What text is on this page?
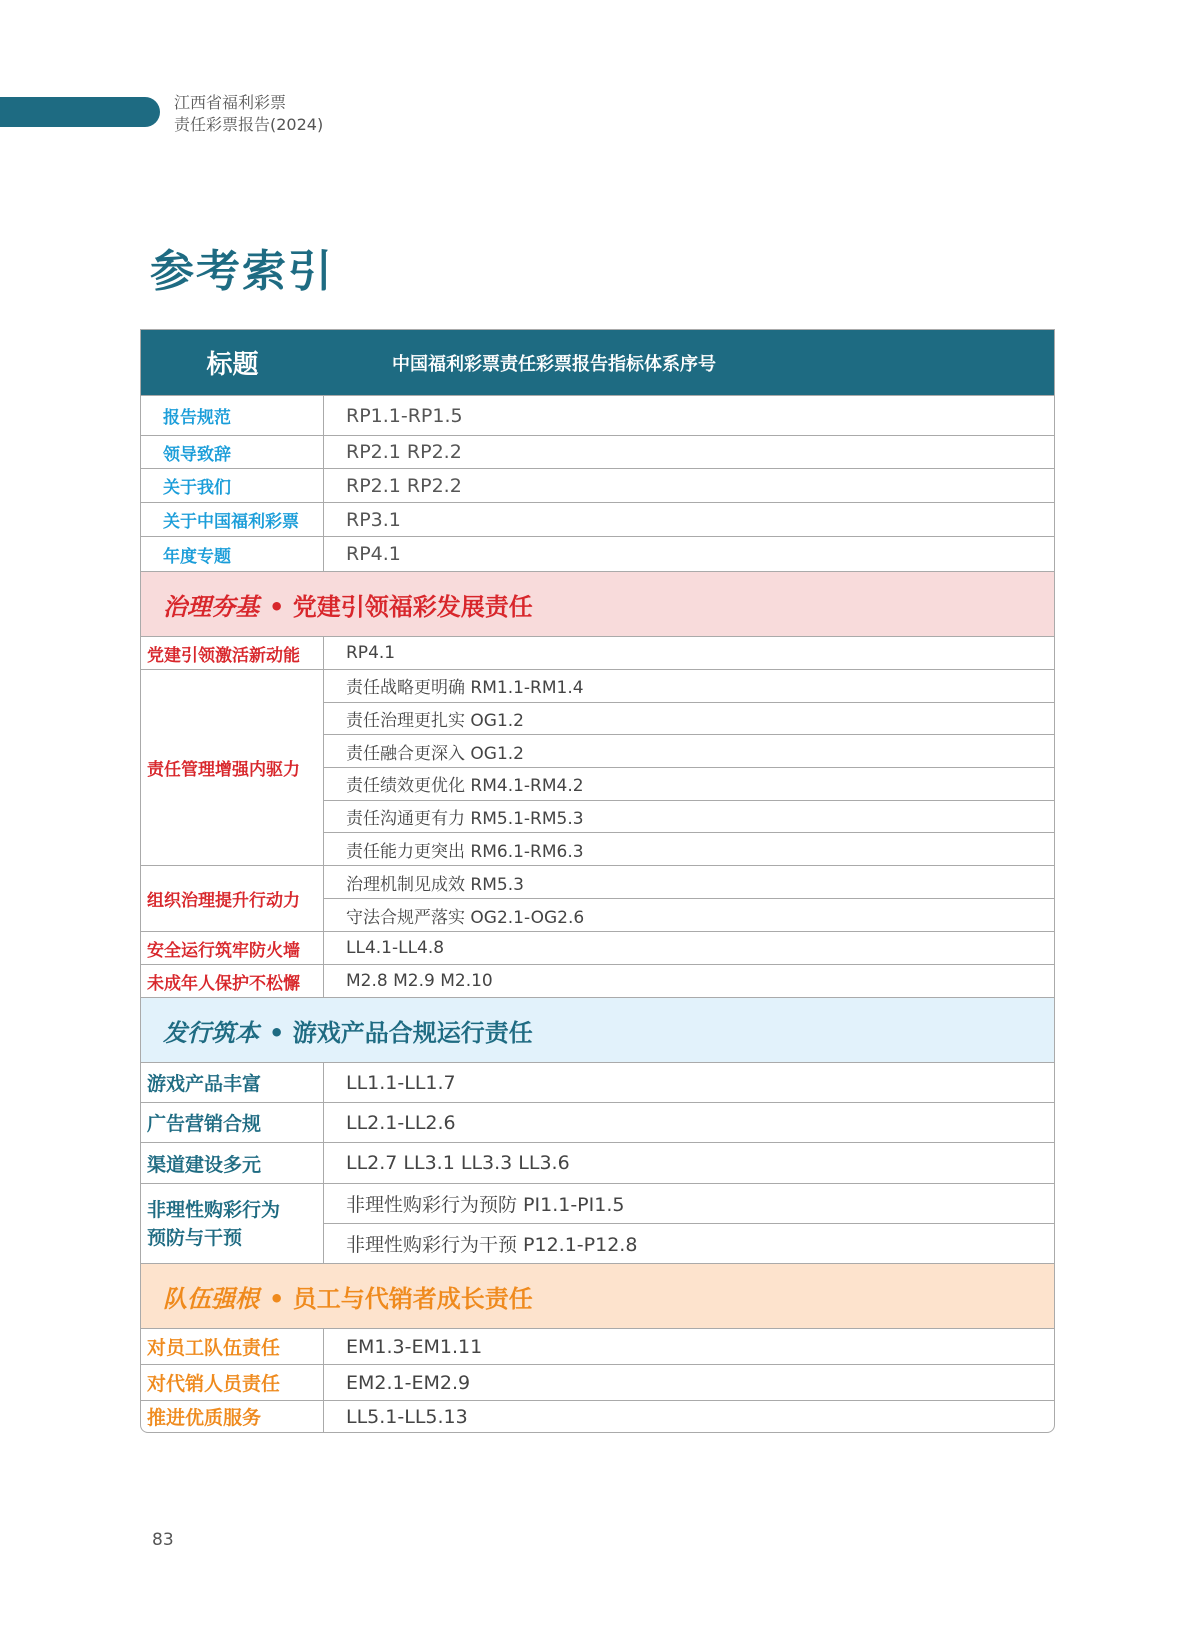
江西省福利彩票
责任彩票报告(2024)
参考索引
标题	中国福利彩票责任彩票报告指标体系序号
报告规范	RP1.1-RP1.5
领导致辞	RP2.1 RP2.2
关于我们	RP2.1 RP2.2
关于中国福利彩票	RP3.1
年度专题	RP4.1
治理夯基 • 党建引领福彩发展责任
党建引领激活新动能	RP4.1
责任管理增强内驱力
责任战略更明确 RM1.1-RM1.4
责任治理更扎实 OG1.2
责任融合更深入 OG1.2
责任绩效更优化 RM4.1-RM4.2
责任沟通更有力 RM5.1-RM5.3
责任能力更突出 RM6.1-RM6.3
组织治理提升行动力
治理机制见成效 RM5.3
守法合规严落实 OG2.1-OG2.6
安全运行筑牢防火墙	LL4.1-LL4.8
未成年人保护不松懈	M2.8 M2.9 M2.10
发行筑本 • 游戏产品合规运行责任
游戏产品丰富	LL1.1-LL1.7
广告营销合规	LL2.1-LL2.6
渠道建设多元	LL2.7 LL3.1 LL3.3 LL3.6
非理性购彩行为
预防与干预
非理性购彩行为预防 PI1.1-PI1.5
非理性购彩行为干预 P12.1-P12.8
队伍强根 • 员工与代销者成长责任
对员工队伍责任	EM1.3-EM1.11
对代销人员责任	EM2.1-EM2.9
推进优质服务	LL5.1-LL5.13
83
